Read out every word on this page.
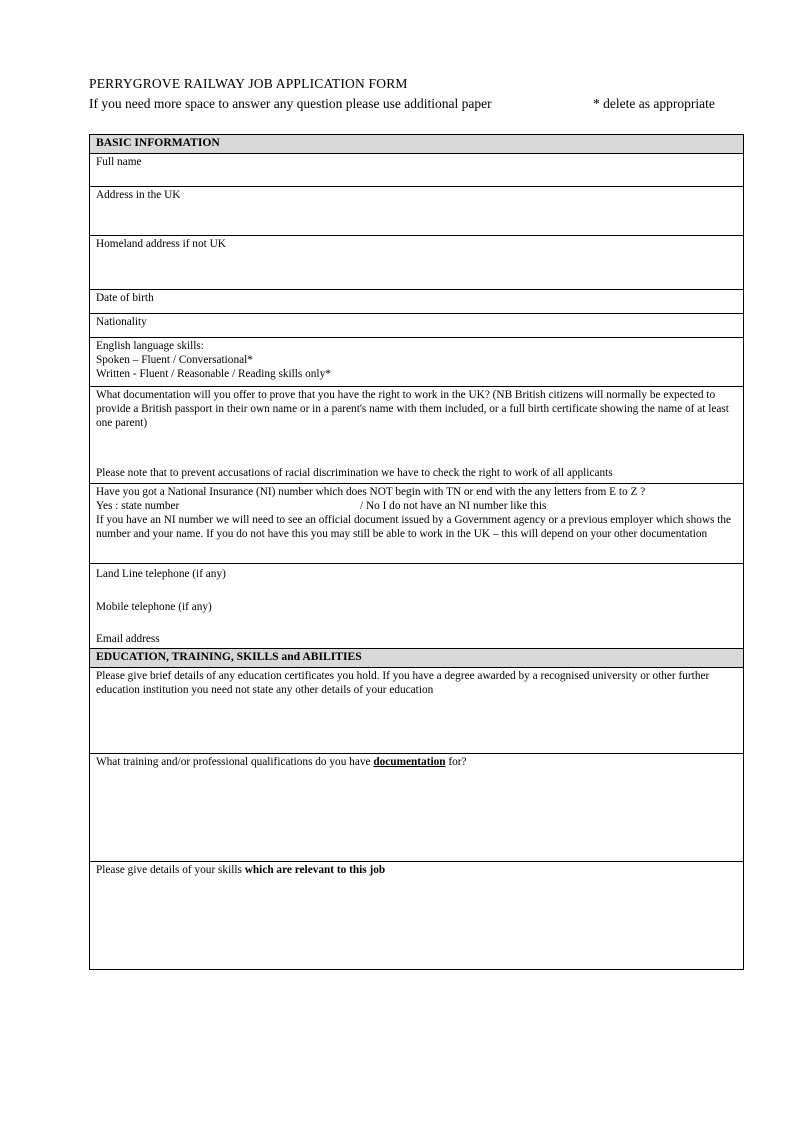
PERRYGROVE RAILWAY JOB APPLICATION FORM
If you need more space to answer any question please use additional paper	* delete as appropriate
BASIC INFORMATION
Full name
Address in the UK
Homeland address if not UK
Date of birth
Nationality

English language skills:
Spoken – Fluent / Conversational*
Written - Fluent / Reasonable / Reading skills only*

What documentation will you offer to prove that you have the right to work in the UK? (NB British citizens will normally be expected to provide a British passport in their own name or in a parent's name with them included, or a full birth certificate showing the name of at least one parent)
Please note that to prevent accusations of racial discrimination we have to check the right to work of all applicants

Have you got a National Insurance (NI) number which does NOT begin with TN or end with the any letters from E to Z ?
Yes : state number	/ No I do not have an NI number like this
If you have an NI number we will need to see an official document issued by a Government agency or a previous employer which shows the number and your name. If you do not have this you may still be able to work in the UK – this will depend on your other documentation

Land Line telephone (if any)
Mobile telephone (if any)
Email address

EDUCATION, TRAINING, SKILLS and ABILITIES
Please give brief details of any education certificates you hold. If you have a degree awarded by a recognised university or other further education institution you need not state any other details of your education
What training and/or professional qualifications do you have documentation for?
Please give details of your skills which are relevant to this job
